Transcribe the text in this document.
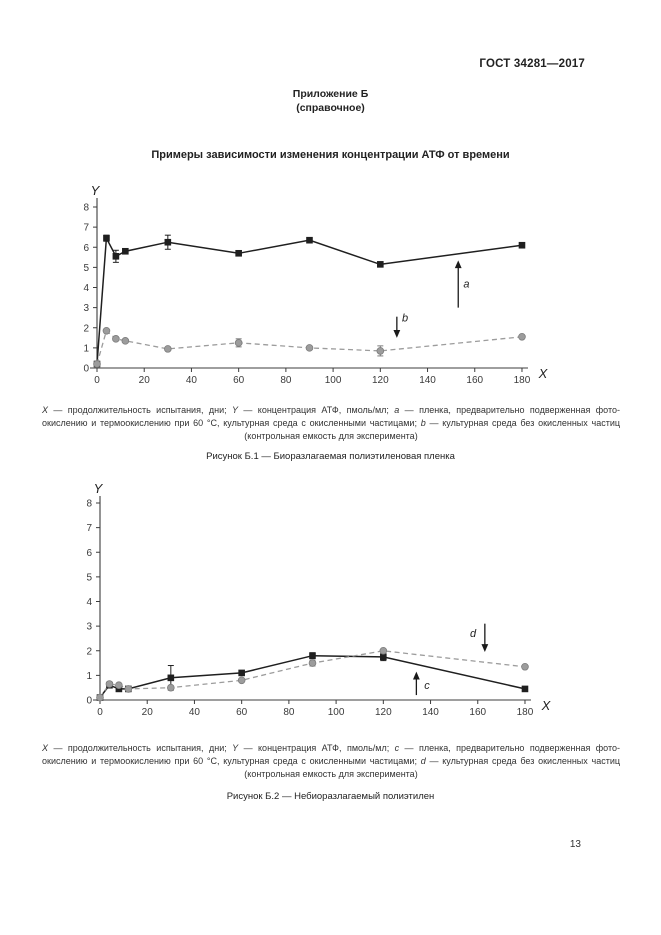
ГОСТ 34281—2017
Приложение Б
(справочное)
Примеры зависимости изменения концентрации АТФ от времени
0
1
2
3
4
5
6
7
8
0	20	40	60	80	100	120	140	160	180
Y
X
a
b
X — продолжительность испытания, дни; Y — концентрация АТФ, пмоль/мл; a — пленка, предварительно подверженная фото-окислению и термоокислению при 60 °С, культурная среда с окисленными частицами; b — культурная среда без окисленных частиц (контрольная емкость для эксперимента)
Рисунок Б.1 — Биоразлагаемая полиэтиленовая пленка
0
1
2
3
4
5
6
7
8
0	20	40	60	80	100	120	140	160	180
Y
X
c
d
X — продолжительность испытания, дни; Y — концентрация АТФ, пмоль/мл; c — пленка, предварительно подверженная фото-окислению и термоокислению при 60 °С, культурная среда с окисленными частицами; d — культурная среда без окисленных частиц (контрольная емкость для эксперимента)
Рисунок Б.2 — Небиоразлагаемый полиэтилен
13
